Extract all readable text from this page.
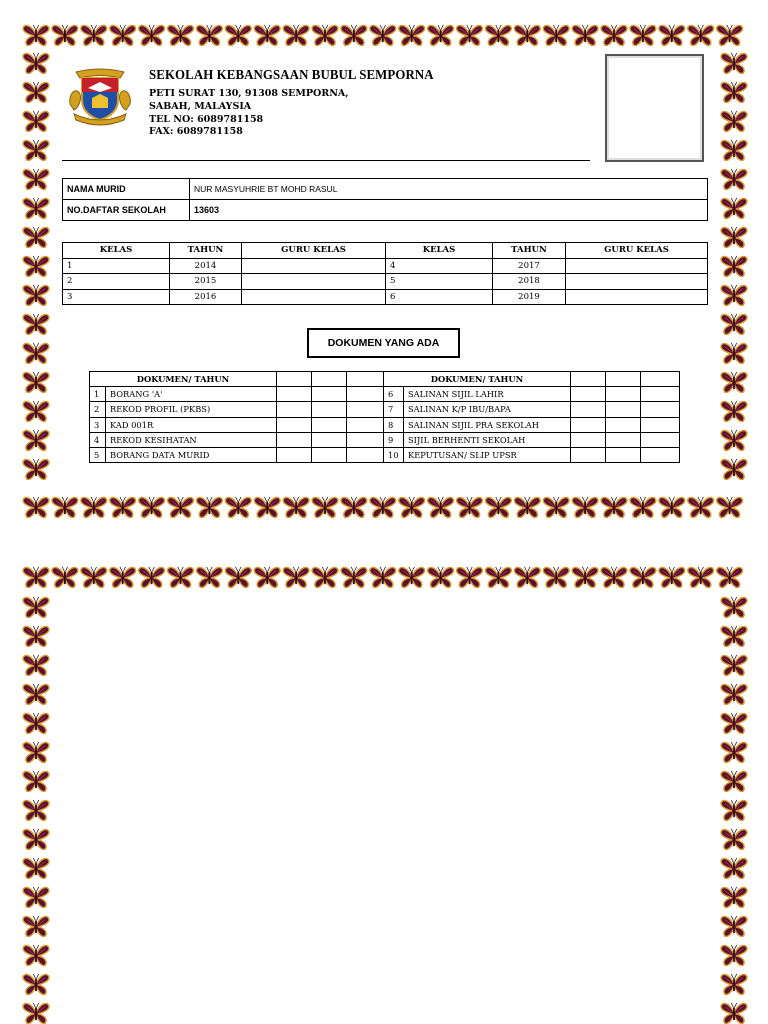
SEKOLAH KEBANGSAAN BUBUL SEMPORNA
PETI SURAT 130, 91308 SEMPORNA,
SABAH, MALAYSIA
TEL NO: 6089781158
FAX: 6089781158
NAMA MURID	NUR MASYUHRIE BT MOHD RASUL
NO.DAFTAR SEKOLAH	13603
KELAS	TAHUN	GURU KELAS	KELAS	TAHUN	GURU KELAS
1	2014		4	2017	
2	2015		5	2018	
3	2016		6	2019	
DOKUMEN YANG ADA
DOKUMEN/ TAHUN					DOKUMEN/ TAHUN				
1	BORANG 'A'				6	SALINAN SIJIL LAHIR			
2	REKOD PROFIL (PKBS)				7	SALINAN K/P IBU/BAPA			
3	KAD 001R				8	SALINAN SIJIL PRA SEKOLAH			
4	REKOD KESIHATAN				9	SIJIL BERHENTI SEKOLAH			
5	BORANG DATA MURID				10	KEPUTUSAN/ SLIP UPSR			
